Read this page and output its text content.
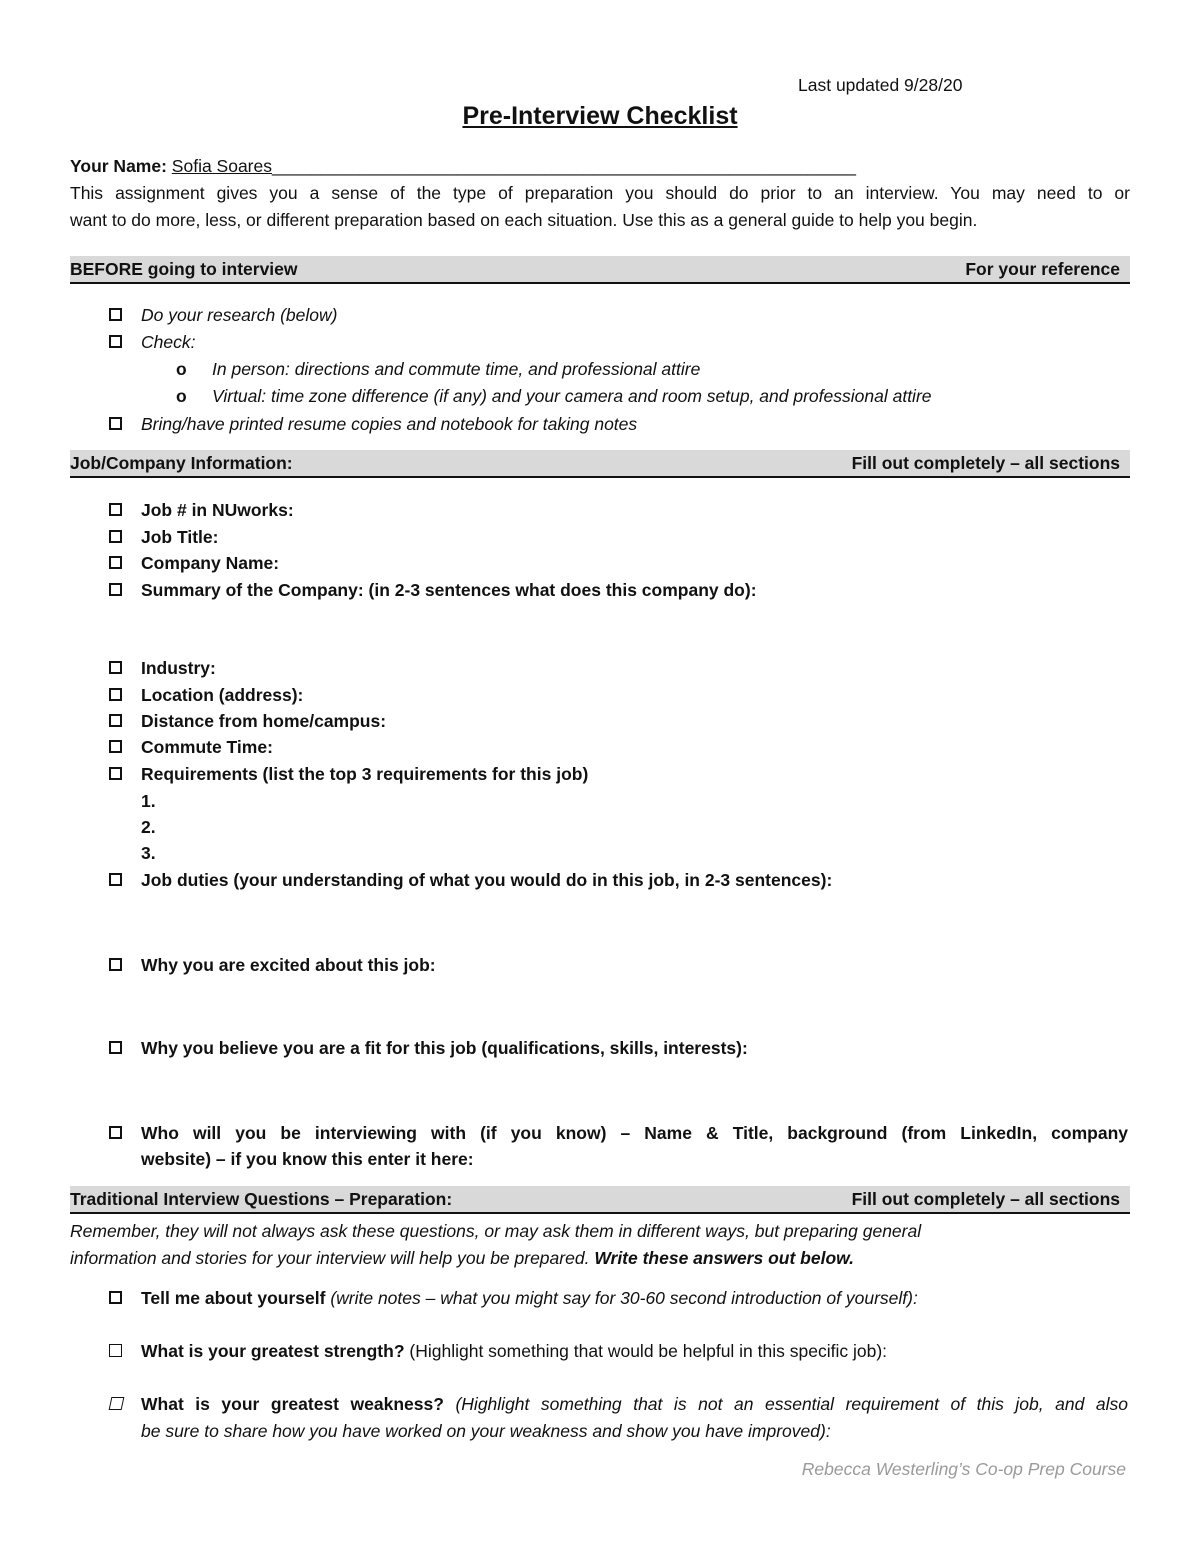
Last updated 9/28/20
Pre-Interview Checklist
Your Name: Sofia Soares____________________________________________________________
This assignment gives you a sense of the type of preparation you should do prior to an interview. You may need to or
want to do more, less, or different preparation based on each situation. Use this as a general guide to help you begin.
BEFORE going to interview	For your reference
Do your research (below)
Check:
o In person: directions and commute time, and professional attire
o Virtual: time zone difference (if any) and your camera and room setup, and professional attire
Bring/have printed resume copies and notebook for taking notes
Job/Company Information:	Fill out completely – all sections
Job # in NUworks:
Job Title:
Company Name:
Summary of the Company: (in 2-3 sentences what does this company do):
Industry:
Location (address):
Distance from home/campus:
Commute Time:
Requirements (list the top 3 requirements for this job)
1.
2.
3.
Job duties (your understanding of what you would do in this job, in 2-3 sentences):
Why you are excited about this job:
Why you believe you are a fit for this job (qualifications, skills, interests):
Who will you be interviewing with (if you know) – Name & Title, background (from LinkedIn, company
website) – if you know this enter it here:
Traditional Interview Questions – Preparation:	Fill out completely – all sections
Remember, they will not always ask these questions, or may ask them in different ways, but preparing general
information and stories for your interview will help you be prepared. Write these answers out below.
Tell me about yourself (write notes – what you might say for 30-60 second introduction of yourself):
What is your greatest strength? (Highlight something that would be helpful in this specific job):
What is your greatest weakness? (Highlight something that is not an essential requirement of this job, and also
be sure to share how you have worked on your weakness and show you have improved):
Rebecca Westerling’s Co-op Prep Course
